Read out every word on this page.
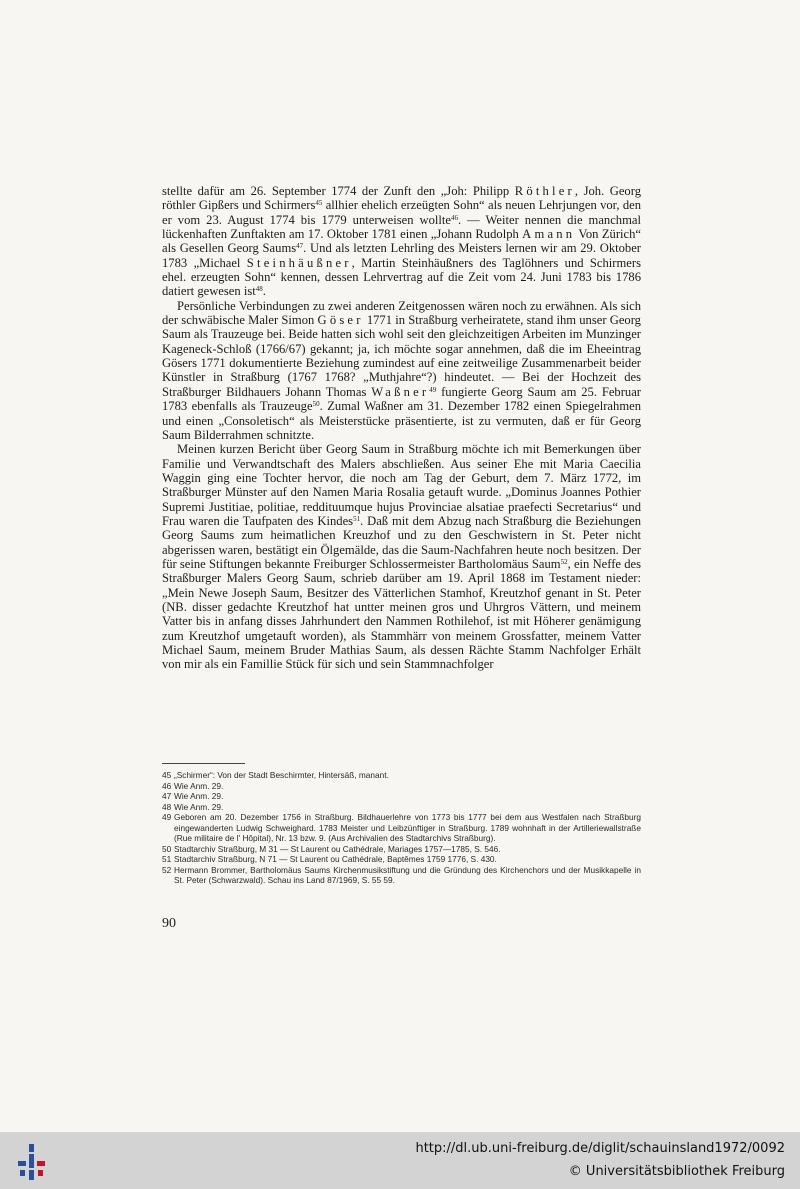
stellte dafür am 26. September 1774 der Zunft den „Joh: Philipp Röthler, Joh. Georg röthler Gipßers und Schirmers$^{45}$ allhier ehelich erzeügten Sohn“ als neuen Lehrjungen vor, den er vom 23. August 1774 bis 1779 unterweisen wollte$^{46}$. — Weiter nennen die manchmal lückenhaften Zunftakten am 17. Oktober 1781 einen „Johann Rudolph Amann Von Zürich“ als Gesellen Georg Saums$^{47}$. Und als letzten Lehrling des Meisters lernen wir am 29. Oktober 1783 „Michael Steinhäußner, Martin Steinhäußners des Taglöhners und Schirmers ehel. erzeugten Sohn“ kennen, dessen Lehrvertrag auf die Zeit vom 24. Juni 1783 bis 1786 datiert gewesen ist$^{48}$.

Persönliche Verbindungen zu zwei anderen Zeitgenossen wären noch zu erwähnen. Als sich der schwäbische Maler Simon Göser 1771 in Straßburg verheiratete, stand ihm unser Georg Saum als Trauzeuge bei. Beide hatten sich wohl seit den gleichzeitigen Arbeiten im Munzinger Kageneck-Schloß (1766/67) gekannt; ja, ich möchte sogar annehmen, daß die im Eheeintrag Gösers 1771 dokumentierte Beziehung zumindest auf eine zeitweilige Zusammenarbeit beider Künstler in Straßburg (1767 1768? „Muthjahre“?) hindeutet. — Bei der Hochzeit des Straßburger Bildhauers Johann Thomas Waßner$^{49}$ fungierte Georg Saum am 25. Februar 1783 ebenfalls als Trauzeuge$^{50}$. Zumal Waßner am 31. Dezember 1782 einen Spiegelrahmen und einen „Consoletisch“ als Meisterstücke präsentierte, ist zu vermuten, daß er für Georg Saum Bilderrahmen schnitzte.

Meinen kurzen Bericht über Georg Saum in Straßburg möchte ich mit Bemerkungen über Familie und Verwandtschaft des Malers abschließen. Aus seiner Ehe mit Maria Caecilia Waggin ging eine Tochter hervor, die noch am Tag der Geburt, dem 7. März 1772, im Straßburger Münster auf den Namen Maria Rosalia getauft wurde. „Dominus Joannes Pothier Supremi Justitiae, politiae, reddituumque hujus Provinciae alsatiae praefecti Secretarius“ und Frau waren die Taufpaten des Kindes$^{51}$. Daß mit dem Abzug nach Straßburg die Beziehungen Georg Saums zum heimatlichen Kreuzhof und zu den Geschwistern in St. Peter nicht abgerissen waren, bestätigt ein Ölgemälde, das die Saum-Nachfahren heute noch besitzen. Der für seine Stiftungen bekannte Freiburger Schlossermeister Bartholomäus Saum$^{52}$, ein Neffe des Straßburger Malers Georg Saum, schrieb darüber am 19. April 1868 im Testament nieder: „Mein Newe Joseph Saum, Besitzer des Vätterlichen Stamhof, Kreutzhof genant in St. Peter (NB. disser gedachte Kreutzhof hat untter meinen gros und Uhrgros Vättern, und meinem Vatter bis in anfang disses Jahrhundert den Nammen Rothilehof, ist mit Höherer genämigung zum Kreutzhof umgetauft worden), als Stammhärr von meinem Grossfatter, meinem Vatter Michael Saum, meinem Bruder Mathias Saum, als dessen Rächte Stamm Nachfolger Erhält von mir als ein Famillie Stück für sich und sein Stammnachfolger

45 „Schirmer“: Von der Stadt Beschirmter, Hintersäß, manant.
46 Wie Anm. 29.
47 Wie Anm. 29.
48 Wie Anm. 29.
49 Geboren am 20. Dezember 1756 in Straßburg. Bildhauerlehre von 1773 bis 1777 bei dem aus Westfalen nach Straßburg eingewanderten Ludwig Schweighard. 1783 Meister und Leibzünftiger in Straßburg. 1789 wohnhaft in der Artilleriewallstraße (Rue militaire de l' Hôpital), Nr. 13 bzw. 9. (Aus Archivalien des Stadtarchivs Straßburg).
50 Stadtarchiv Straßburg, M 31 — St Laurent ou Cathédrale, Mariages 1757—1785, S. 546.
51 Stadtarchiv Straßburg, N 71 — St Laurent ou Cathédrale, Baptêmes 1759 1776, S. 430.
52 Hermann Brommer, Bartholomäus Saums Kirchenmusikstiftung und die Gründung des Kirchenchors und der Musikkapelle in St. Peter (Schwarzwald). Schau ins Land 87/1969, S. 55 59.
90
http://dl.ub.uni-freiburg.de/diglit/schauinsland1972/0092
© Universitätsbibliothek Freiburg
